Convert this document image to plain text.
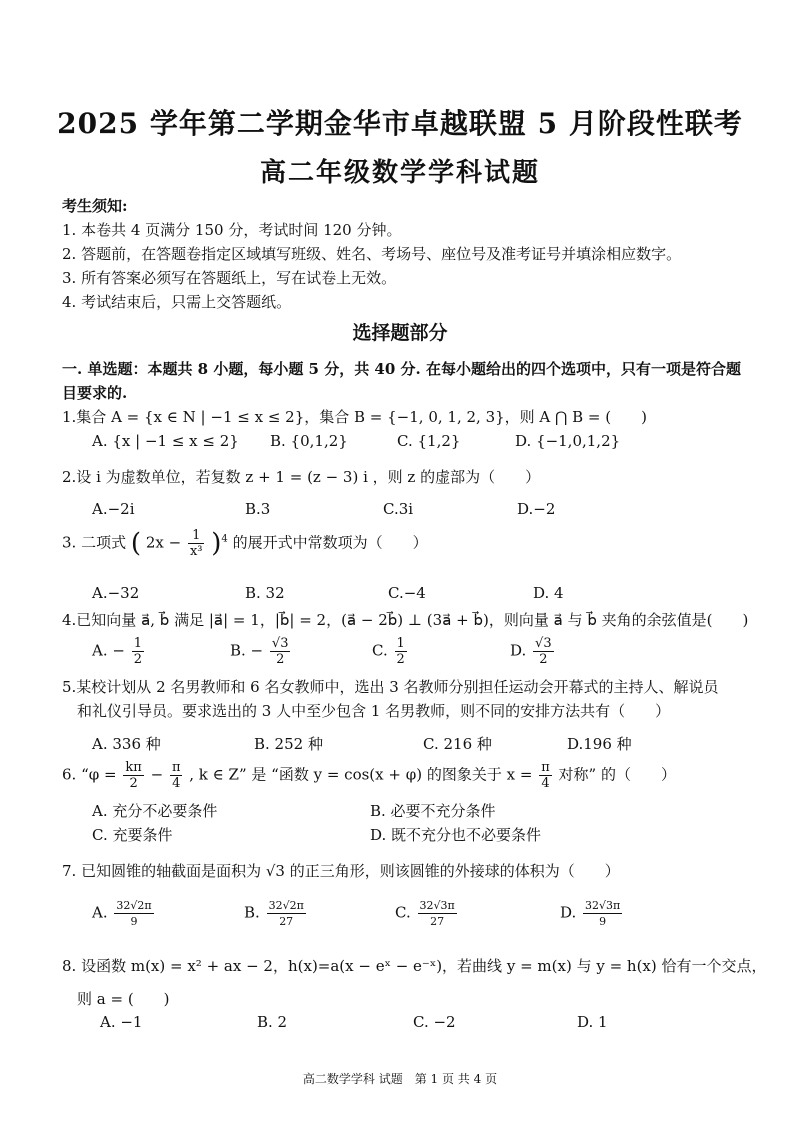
2025 学年第二学期金华市卓越联盟 5 月阶段性联考
高二年级数学学科试题
考生须知:
1. 本卷共 4 页满分 150 分，考试时间 120 分钟。
2. 答题前，在答题卷指定区域填写班级、姓名、考场号、座位号及准考证号并填涂相应数字。
3. 所有答案必须写在答题纸上，写在试卷上无效。
4. 考试结束后，只需上交答题纸。
选择题部分
一. 单选题：本题共 8 小题，每小题 5 分，共 40 分. 在每小题给出的四个选项中，只有一项是符合题目要求的.
1.集合 A = {x ∈ N | −1 ≤ x ≤ 2}，集合 B = {−1, 0, 1, 2, 3}，则 A ⋂ B = (　　)
A. {x | −1 ≤ x ≤ 2} B. {0,1,2}	C. {1,2}	D. {−1,0,1,2}
2.设 i 为虚数单位，若复数 z + 1 = (z − 3) i ，则 z 的虚部为（　　）
A.−2i	B.3	C.3i	D.−2
3. 二项式 ( $2x - \frac{1}{\text{x³}} )^4$ 的展开式中常数项为（　　）
A.−32	B. 32	C.−4	D. 4
4.已知向量 a⃗, b⃗ 满足 |a⃗| = 1，|b⃗| = 2，(a⃗ − 2b⃗) ⊥ (3a⃗ + b⃗)，则向量 a⃗ 与 b⃗ 夹角的余弦值是(　　)
A. − $\frac{1}{2}$	B. − $\frac{√3}{2}$	C. $\frac{1}{2}$	D. $\frac{√3}{2}$
5.某校计划从 2 名男教师和 6 名女教师中，选出 3 名教师分别担任运动会开幕式的主持人、解说员
和礼仪引导员。要求选出的 3 人中至少包含 1 名男教师，则不同的安排方法共有（　　）
A. 336 种	B. 252 种	C. 216 种	D.196 种
6. “$\varphi = \frac{k\pi}{2} - \frac{\pi}{4}$ , k ∈ Z” 是 “函数 y = cos(x + φ) 的图象关于 $x = \frac{\pi}{4}$ 对称” 的（　　）
A. 充分不必要条件	B. 必要不充分条件
C. 充要条件	D. 既不充分也不必要条件
7. 已知圆锥的轴截面是面积为 √3 的正三角形，则该圆锥的外接球的体积为（　　）
A. $\frac{32√2\pi}{9}$	B. $\frac{32√2\pi}{27}$	C. $\frac{32√3\pi}{27}$	D. $\frac{32√3\pi}{9}$
8. 设函数 m(x) = x² + ax − 2，h(x)=a(x − eˣ − e⁻ˣ)，若曲线 y = m(x) 与 y = h(x) 恰有一个交点，
则 a = (　　)
A. −1	B. 2	C. −2	D. 1
高二数学学科 试题　第 1 页 共 4 页
